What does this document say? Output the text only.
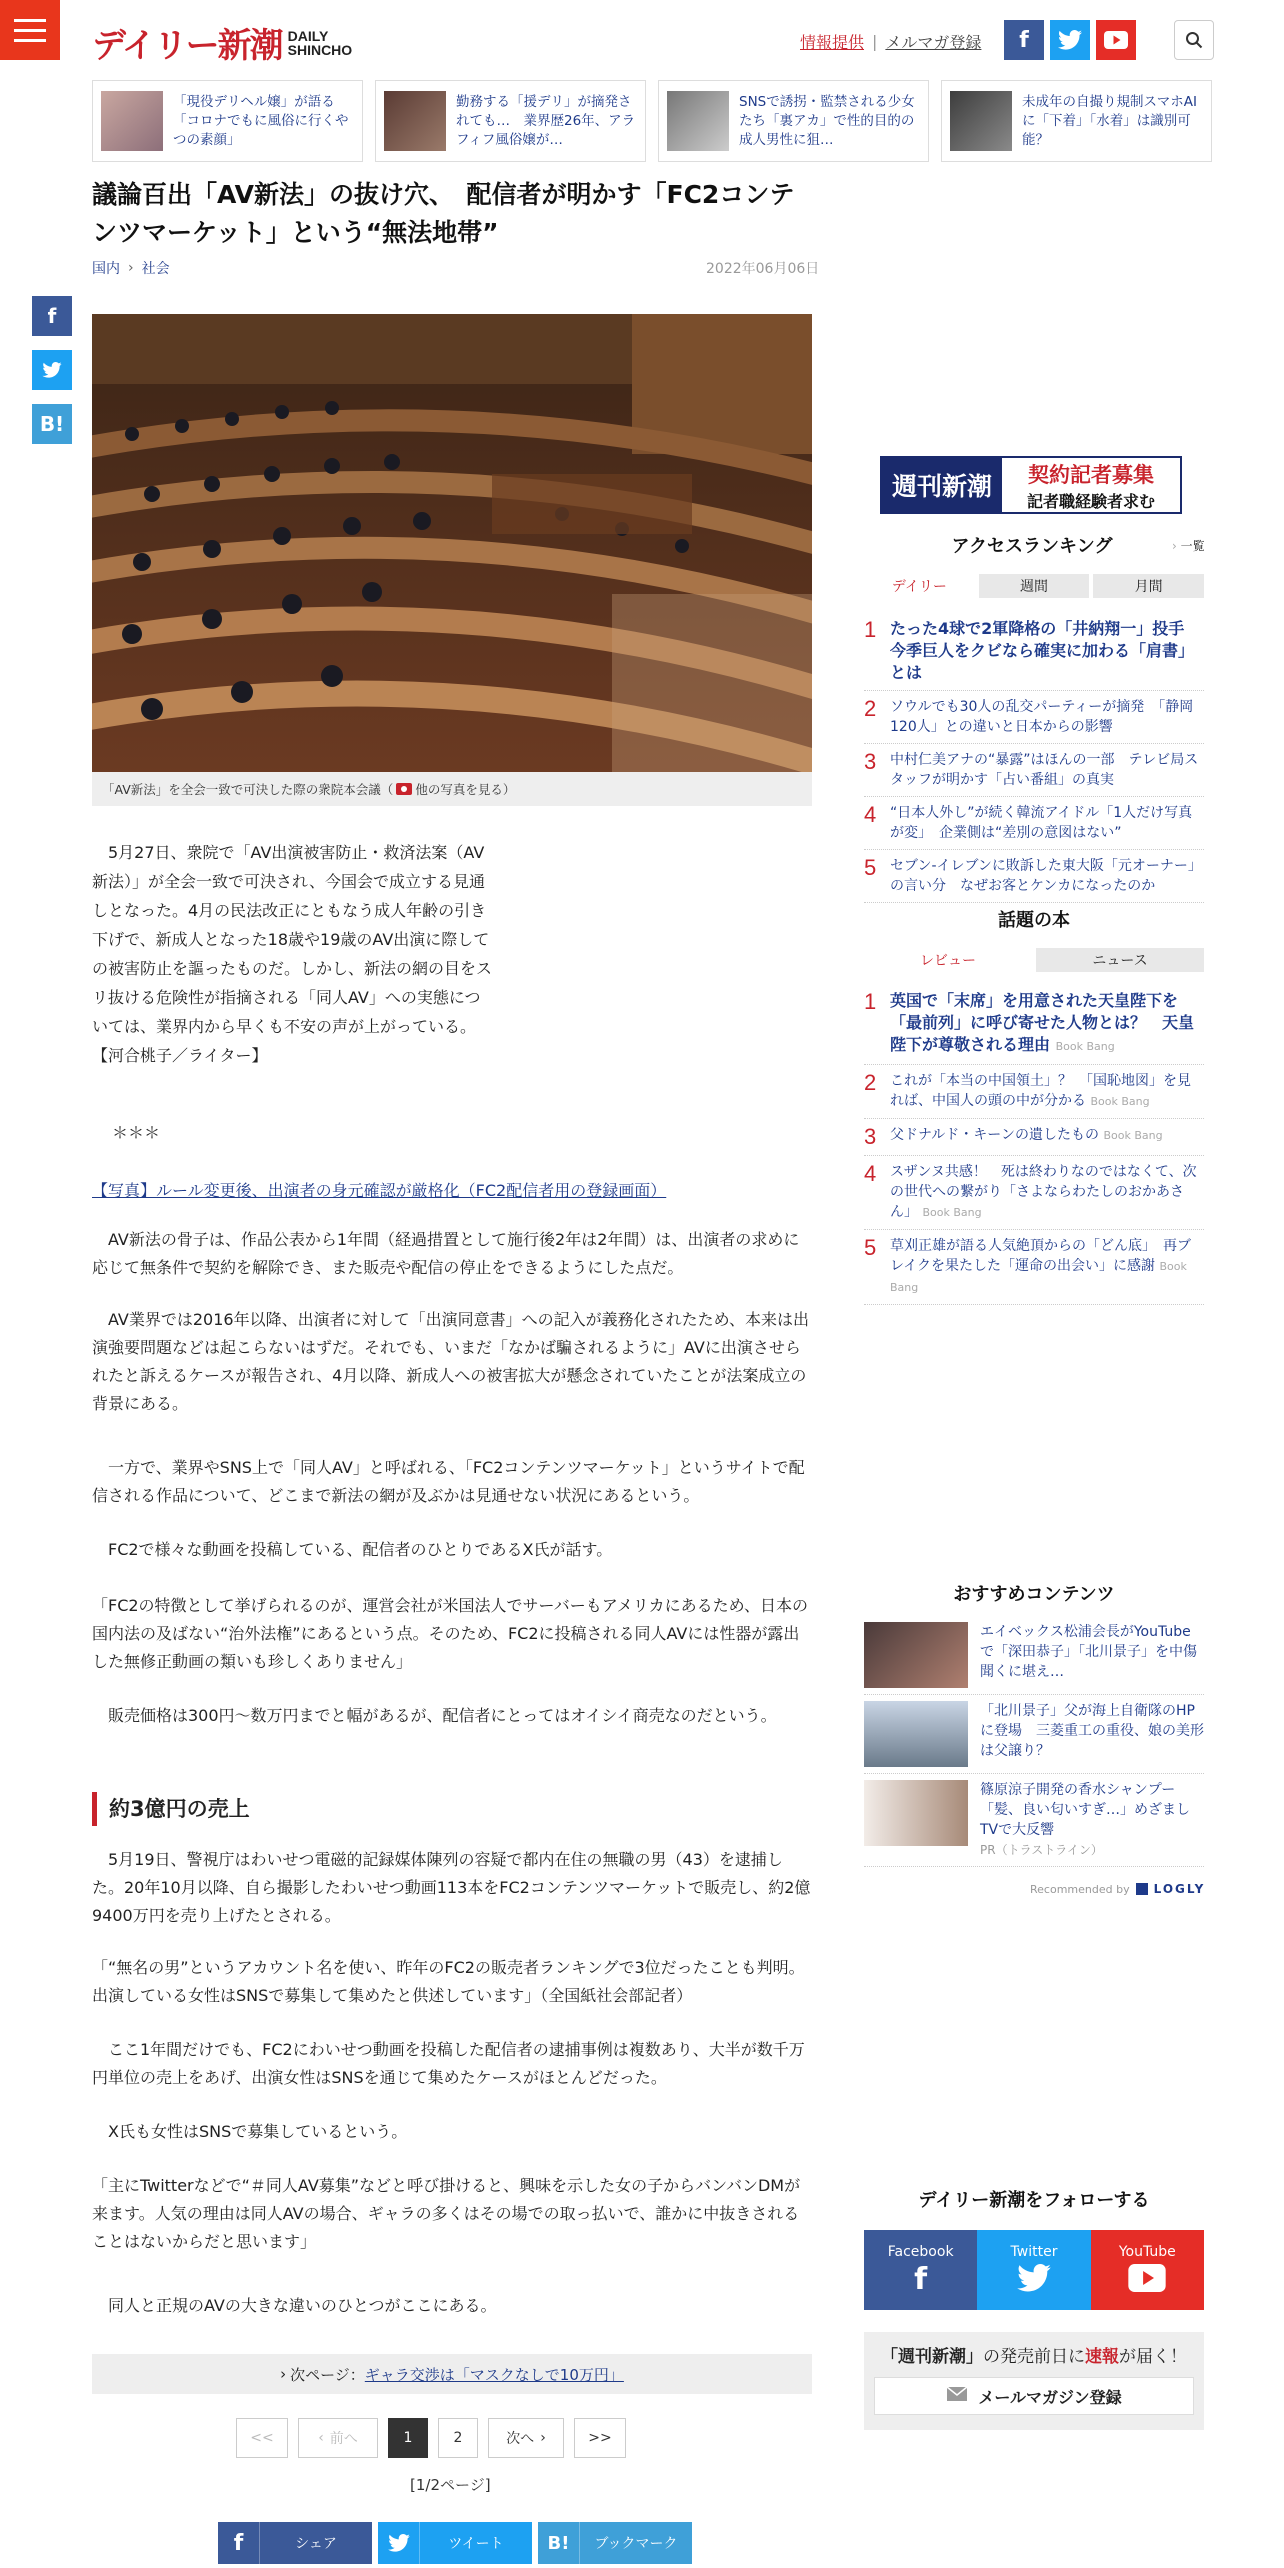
デイリー新潮 DAILY
SHINCHO	情報提供 | メルマガ登録	f
「現役デリヘル嬢」が語る「コロナでもに風俗に行くやつの素顔」
勤務する「援デリ」が摘発されても…　業界歴26年、アラフィフ風俗嬢が…
SNSで誘拐・監禁される少女たち「裏アカ」で性的目的の成人男性に狙…
未成年の自撮り規制スマホAIに「下着」「水着」は識別可能？
議論百出「AV新法」の抜け穴、　配信者が明かす「FC2コンテンツマーケット」という“無法地帯”
国内 › 社会	2022年06月06日
f
B!
「AV新法」を全会一致で可決した際の衆院本会議（ 他の写真を見る）

　5月27日、衆院で「AV出演被害防止・救済法案（AV新法）」が全会一致で可決され、今国会で成立する見通しとなった。4月の民法改正にともなう成人年齢の引き下げで、新成人となった18歳や19歳のAV出演に際しての被害防止を謳ったものだ。しかし、新法の網の目をスリ抜ける危険性が指摘される「同人AV」への実態については、業界内から早くも不安の声が上がっている。【河合桃子／ライター】

＊＊＊
【写真】ルール変更後、出演者の身元確認が厳格化（FC2配信者用の登録画面）

　AV新法の骨子は、作品公表から1年間（経過措置として施行後2年は2年間）は、出演者の求めに応じて無条件で契約を解除でき、また販売や配信の停止をできるようにした点だ。

　AV業界では2016年以降、出演者に対して「出演同意書」への記入が義務化されたため、本来は出演強要問題などは起こらないはずだ。それでも、いまだ「なかば騙されるように」AVに出演させられたと訴えるケースが報告され、4月以降、新成人への被害拡大が懸念されていたことが法案成立の背景にある。

　一方で、業界やSNS上で「同人AV」と呼ばれる、「FC2コンテンツマーケット」というサイトで配信される作品について、どこまで新法の網が及ぶかは見通せない状況にあるという。

　FC2で様々な動画を投稿している、配信者のひとりであるX氏が話す。

「FC2の特徴として挙げられるのが、運営会社が米国法人でサーバーもアメリカにあるため、日本の国内法の及ばない“治外法権”にあるという点。そのため、FC2に投稿される同人AVには性器が露出した無修正動画の類いも珍しくありません」

　販売価格は300円～数万円までと幅があるが、配信者にとってはオイシイ商売なのだという。

約3億円の売上

　5月19日、警視庁はわいせつ電磁的記録媒体陳列の容疑で都内在住の無職の男（43）を逮捕した。20年10月以降、自ら撮影したわいせつ動画113本をFC2コンテンツマーケットで販売し、約2億9400万円を売り上げたとされる。

「“無名の男”というアカウント名を使い、昨年のFC2の販売者ランキングで3位だったことも判明。出演している女性はSNSで募集して集めたと供述しています」（全国紙社会部記者）

　ここ1年間だけでも、FC2にわいせつ動画を投稿した配信者の逮捕事例は複数あり、大半が数千万円単位の売上をあげ、出演女性はSNSを通じて集めたケースがほとんどだった。

　X氏も女性はSNSで募集しているという。

「主にTwitterなどで“＃同人AV募集”などと呼び掛けると、興味を示した女の子からバンバンDMが来ます。人気の理由は同人AVの場合、ギャラの多くはその場での取っ払いで、誰かに中抜きされることはないからだと思います」

　同人と正規のAVの大きな違いのひとつがここにある。

› 次ページ： ギャラ交渉は「マスクなしで10万円」
<<	‹ 前へ	1	2	次へ ›	>>
[1/2ページ]
f	シェア	ツイート	B!	ブックマーク
週刊新潮	契約記者募集
記者職経験者求む
アクセスランキング	› 一覧
デイリー	週間	月間
1 たった4球で2軍降格の「井納翔一」投手　今季巨人をクビなら確実に加わる「肩書」とは
2 ソウルでも30人の乱交パーティーが摘発　「静岡120人」との違いと日本からの影響
3 中村仁美アナの“暴露”はほんの一部　テレビ局スタッフが明かす「占い番組」の真実
4 “日本人外し”が続く韓流アイドル「1人だけ写真が変」　企業側は“差別の意図はない”
5 セブン-イレブンに敗訴した東大阪「元オーナー」の言い分　なぜお客とケンカになったのか
話題の本
レビュー	ニュース
1 英国で「末席」を用意された天皇陛下を「最前列」に呼び寄せた人物とは？　天皇陛下が尊敬される理由 Book Bang
2 これが「本当の中国領土」？　「国恥地図」を見れば、中国人の頭の中が分かる Book Bang
3 父ドナルド・キーンの遺したもの Book Bang
4 スザンヌ共感！　死は終わりなのではなくて、次の世代への繋がり「さよならわたしのおかあさん」 Book Bang
5 草刈正雄が語る人気絶頂からの「どん底」　再ブレイクを果たした「運命の出会い」に感謝 Book Bang
おすすめコンテンツ
エイベックス松浦会長がYouTubeで「深田恭子」「北川景子」を中傷　聞くに堪え…
「北川景子」父が海上自衛隊のHPに登場　三菱重工の重役、娘の美形は父譲り？
篠原涼子開発の香水シャンプー「髪、良い匂いすぎ…」めざましTVで大反響
PR（トラストライン）
Recommended by LOGLY
デイリー新潮をフォローする
Facebook
f
Twitter	YouTube
「週刊新潮」の発売前日に速報が届く！
メールマガジン登録
